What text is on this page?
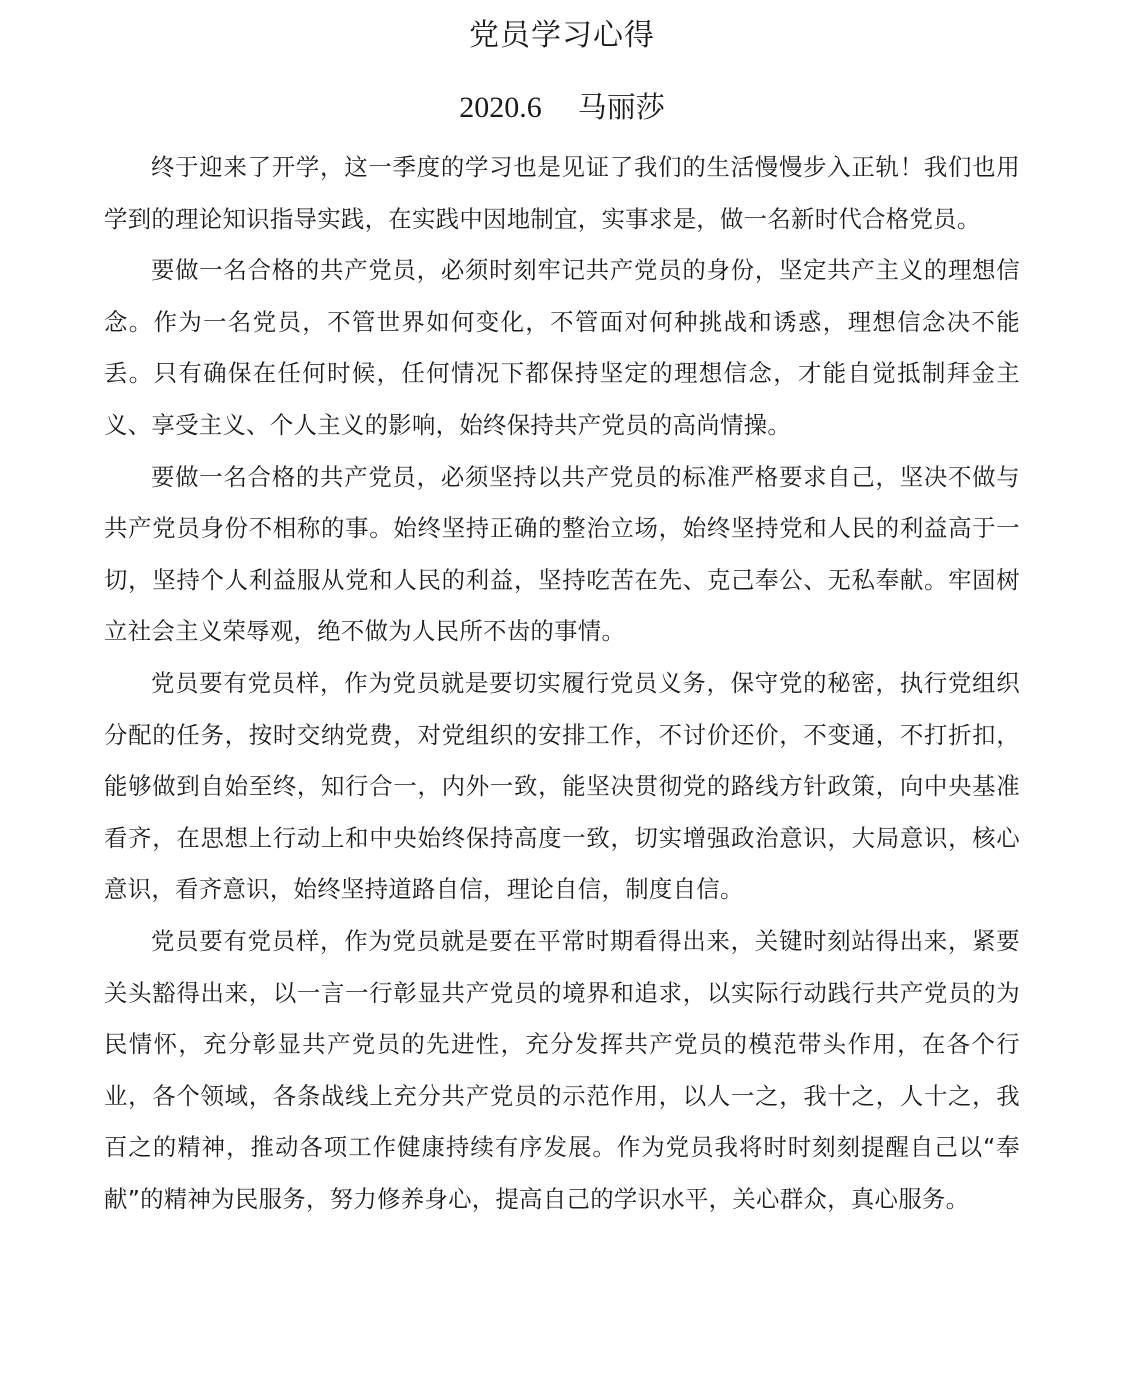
党员学习心得
2020.6 马丽莎

终于迎来了开学，这一季度的学习也是见证了我们的生活慢慢步入正轨！我们也用学到的理论知识指导实践，在实践中因地制宜，实事求是，做一名新时代合格党员。

要做一名合格的共产党员，必须时刻牢记共产党员的身份，坚定共产主义的理想信念。作为一名党员，不管世界如何变化，不管面对何种挑战和诱惑，理想信念决不能丢。只有确保在任何时候，任何情况下都保持坚定的理想信念，才能自觉抵制拜金主义、享受主义、个人主义的影响，始终保持共产党员的高尚情操。

要做一名合格的共产党员，必须坚持以共产党员的标准严格要求自己，坚决不做与共产党员身份不相称的事。始终坚持正确的整治立场，始终坚持党和人民的利益高于一切，坚持个人利益服从党和人民的利益，坚持吃苦在先、克己奉公、无私奉献。牢固树立社会主义荣辱观，绝不做为人民所不齿的事情。

党员要有党员样，作为党员就是要切实履行党员义务，保守党的秘密，执行党组织分配的任务，按时交纳党费，对党组织的安排工作，不讨价还价，不变通，不打折扣，能够做到自始至终，知行合一，内外一致，能坚决贯彻党的路线方针政策，向中央基准看齐，在思想上行动上和中央始终保持高度一致，切实增强政治意识，大局意识，核心意识，看齐意识，始终坚持道路自信，理论自信，制度自信。

党员要有党员样，作为党员就是要在平常时期看得出来，关键时刻站得出来，紧要关头豁得出来，以一言一行彰显共产党员的境界和追求，以实际行动践行共产党员的为民情怀，充分彰显共产党员的先进性，充分发挥共产党员的模范带头作用，在各个行业，各个领域，各条战线上充分共产党员的示范作用，以人一之，我十之，人十之，我百之的精神，推动各项工作健康持续有序发展。作为党员我将时时刻刻提醒自己以“奉献”的精神为民服务，努力修养身心，提高自己的学识水平，关心群众，真心服务。
